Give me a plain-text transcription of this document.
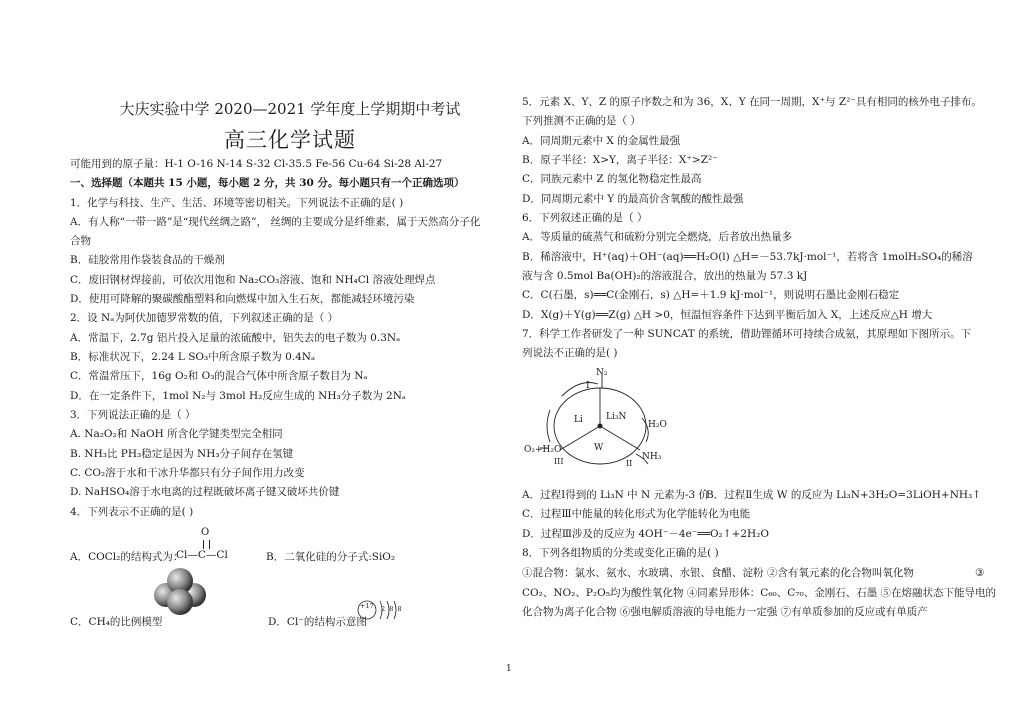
大庆实验中学 2020—2021 学年度上学期期中考试
高三化学试题
可能用到的原子量：H-1 O-16 N-14 S-32 Cl-35.5 Fe-56 Cu-64 Si-28 Al-27
一、选择题（本题共 15 小题，每小题 2 分，共 30 分。每小题只有一个正确选项）
1．化学与科技、生产、生活、环境等密切相关。下列说法不正确的是( )
A．有人称“一带一路”是“现代丝绸之路”， 丝绸的主要成分是纤维素，属于天然高分子化
合物
B．硅胶常用作袋装食品的干燥剂
C．废旧钢材焊接前，可依次用饱和 Na₂CO₃溶液、饱和 NH₄Cl 溶液处理焊点
D．使用可降解的聚碳酸酯塑料和向燃煤中加入生石灰，都能减轻环境污染
2．设 Nₐ为阿伏加德罗常数的值，下列叙述正确的是（ ）
A．常温下，2.7g 铝片投入足量的浓硫酸中，铝失去的电子数为 0.3Nₐ
B．标准状况下，2.24 L SO₃中所含原子数为 0.4Nₐ
C．常温常压下，16g O₂和 O₃的混合气体中所含原子数目为 Nₐ
D．在一定条件下，1mol N₂与 3mol H₂反应生成的 NH₃分子数为 2Nₐ
3．下列说法正确的是（ ）
A. Na₂O₂和 NaOH 所含化学键类型完全相同
B. NH₃比 PH₃稳定是因为 NH₃分子间存在氢键
C. CO₂溶于水和干冰升华都只有分子间作用力改变
D. NaHSO₄溶于水电离的过程既破坏离子键又破坏共价键
4．下列表示不正确的是( )
A．COCl₂的结构式为：
O
Cl—C—Cl	B．二氧化硅的分子式:SiO₂
C．CH₄的比例模型
+17 2 8 8
D．Cl⁻的结构示意图
5．元素 X、Y、Z 的原子序数之和为 36，X、Y 在同一周期，X⁺与 Z²⁻具有相同的核外电子排布。
下列推测不正确的是（ ）
A．同周期元素中 X 的金属性最强
B．原子半径：X>Y，离子半径：X⁺>Z²⁻
C．同族元素中 Z 的氢化物稳定性最高
D．同周期元素中 Y 的最高价含氧酸的酸性最强
6．下列叙述正确的是（ ）
A．等质量的硫蒸气和硫粉分别完全燃烧，后者放出热量多
B．稀溶液中，H⁺(aq)＋OH⁻(aq)══H₂O(l) △H=－53.7kJ·mol⁻¹，若将含 1molH₂SO₄的稀溶
液与含 0.5mol Ba(OH)₂的溶液混合，放出的热量为 57.3 kJ
C．C(石墨，s)══C(金刚石，s) △H=＋1.9 kJ·mol⁻¹，则说明石墨比金刚石稳定
D．X(g)＋Y(g)══Z(g) △H >0，恒温恒容条件下达到平衡后加入 X，上述反应△H 增大
7．科学工作者研发了一种 SUNCAT 的系统，借助锂循环可持续合成氨，其原理如下图所示。下
列说法不正确的是( )
N₂
I
Li	Li₃N
H₂O
O₂+H₂O	W
III	II
NH₃
A．过程Ⅰ得到的 Li₃N 中 N 元素为-3 价
B．过程Ⅱ生成 W 的反应为 Li₃N+3H₂O=3LiOH+NH₃↑
C．过程Ⅲ中能量的转化形式为化学能转化为电能
D．过程Ⅲ涉及的反应为 4OH⁻－4e⁻══O₂↑+2H₂O
8．下列各组物质的分类或变化正确的是( )
①混合物：氯水、氨水、水玻璃、水银、食醋、淀粉 ②含有氧元素的化合物叫氧化物	③
CO₂、NO₂、P₂O₅均为酸性氧化物 ④同素异形体：C₆₀、C₇₀、金刚石、石墨 ⑤在熔融状态下能导电的
化合物为离子化合物 ⑥强电解质溶液的导电能力一定强 ⑦有单质参加的反应或有单质产
1
